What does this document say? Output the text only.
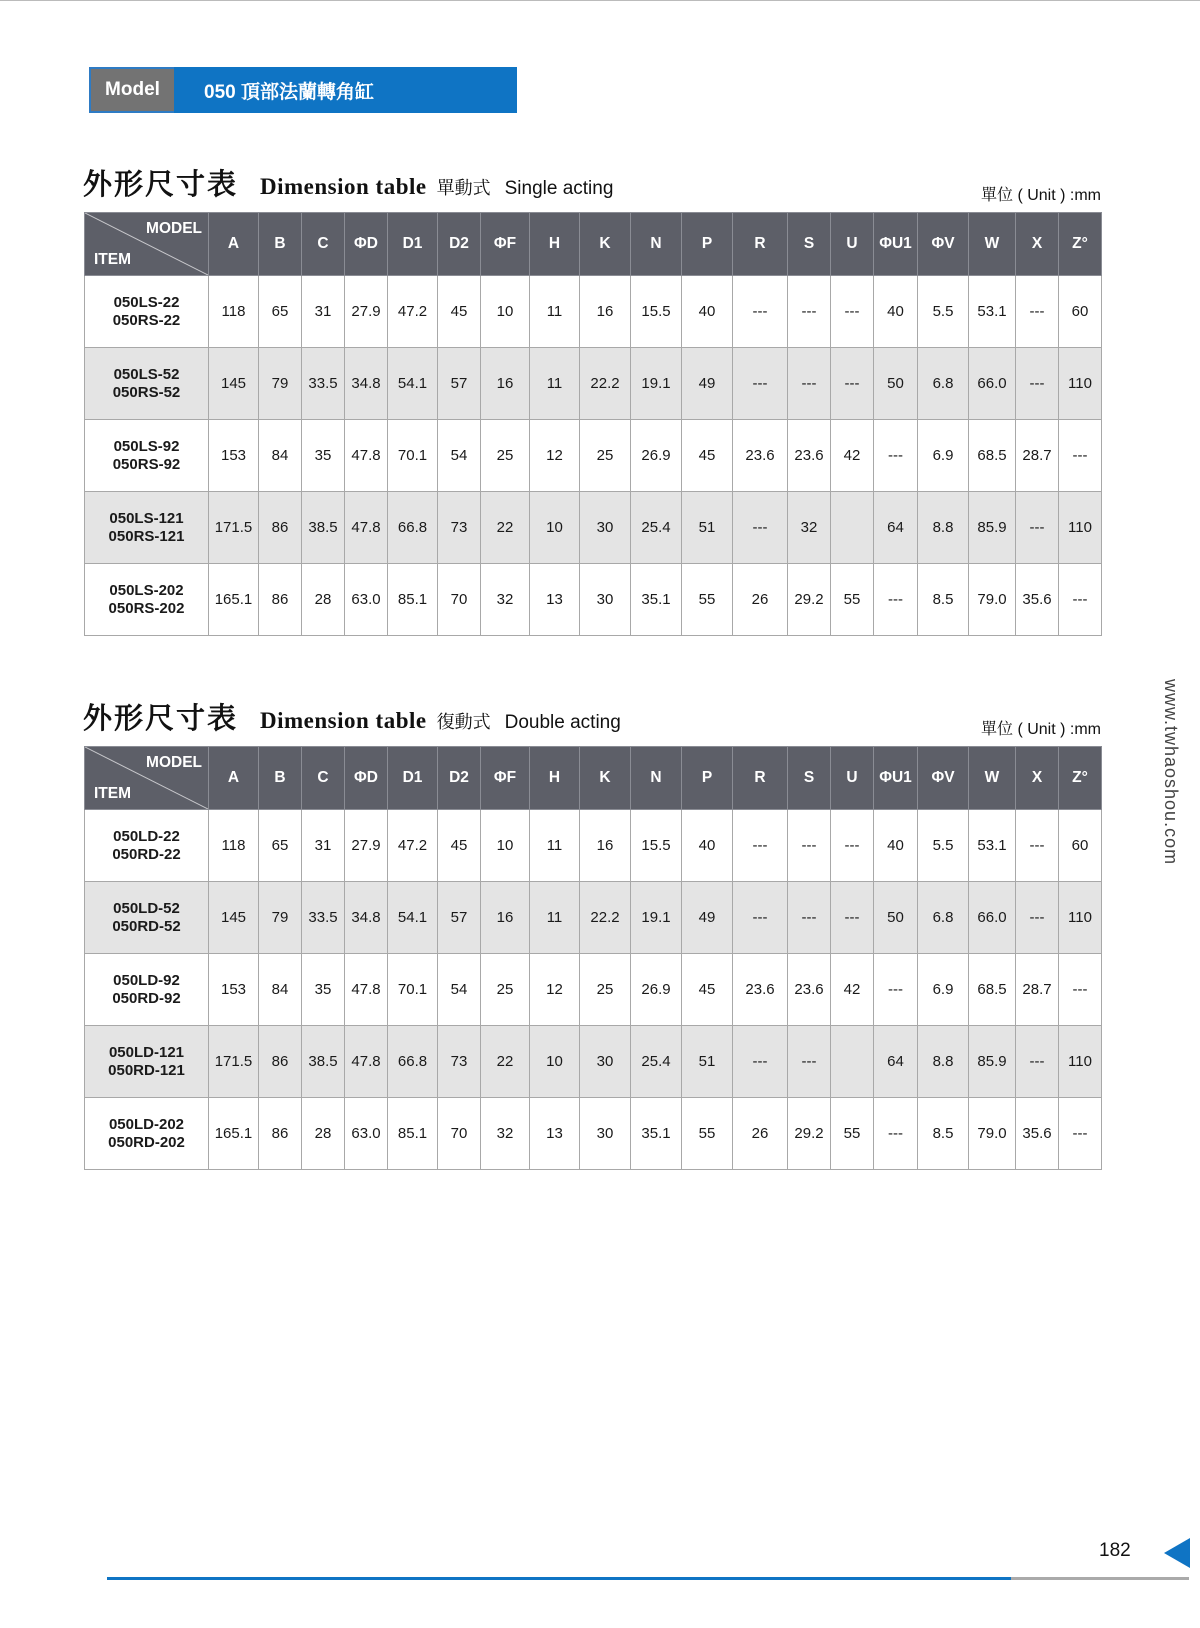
Model	050 頂部法蘭轉角缸
外形尺寸表 Dimension table 單動式 Single acting	單位 ( Unit ) :mm
MODEL
ITEM	A	B	C	ΦD	D1	D2	ΦF	H	K	N	P	R	S	U	ΦU1	ΦV	W	X	Z°

050LS-22
050RS-22	118	65	31	27.9	47.2	45	10	11	16	15.5	40	---	---	---	40	5.5	53.1	---	60

050LS-52
050RS-52	145	79	33.5	34.8	54.1	57	16	11	22.2	19.1	49	---	---	---	50	6.8	66.0	---	110

050LS-92
050RS-92	153	84	35	47.8	70.1	54	25	12	25	26.9	45	23.6	23.6	42	---	6.9	68.5	28.7	---

050LS-121
050RS-121	171.5	86	38.5	47.8	66.8	73	22	10	30	25.4	51	---	32		64	8.8	85.9	---	110

050LS-202
050RS-202	165.1	86	28	63.0	85.1	70	32	13	30	35.1	55	26	29.2	55	---	8.5	79.0	35.6	---
外形尺寸表 Dimension table 復動式 Double acting	單位 ( Unit ) :mm
MODEL
ITEM	A	B	C	ΦD	D1	D2	ΦF	H	K	N	P	R	S	U	ΦU1	ΦV	W	X	Z°

050LD-22
050RD-22	118	65	31	27.9	47.2	45	10	11	16	15.5	40	---	---	---	40	5.5	53.1	---	60

050LD-52
050RD-52	145	79	33.5	34.8	54.1	57	16	11	22.2	19.1	49	---	---	---	50	6.8	66.0	---	110

050LD-92
050RD-92	153	84	35	47.8	70.1	54	25	12	25	26.9	45	23.6	23.6	42	---	6.9	68.5	28.7	---

050LD-121
050RD-121	171.5	86	38.5	47.8	66.8	73	22	10	30	25.4	51	---	---		64	8.8	85.9	---	110

050LD-202
050RD-202	165.1	86	28	63.0	85.1	70	32	13	30	35.1	55	26	29.2	55	---	8.5	79.0	35.6	---
www.twhaoshou.com
182
